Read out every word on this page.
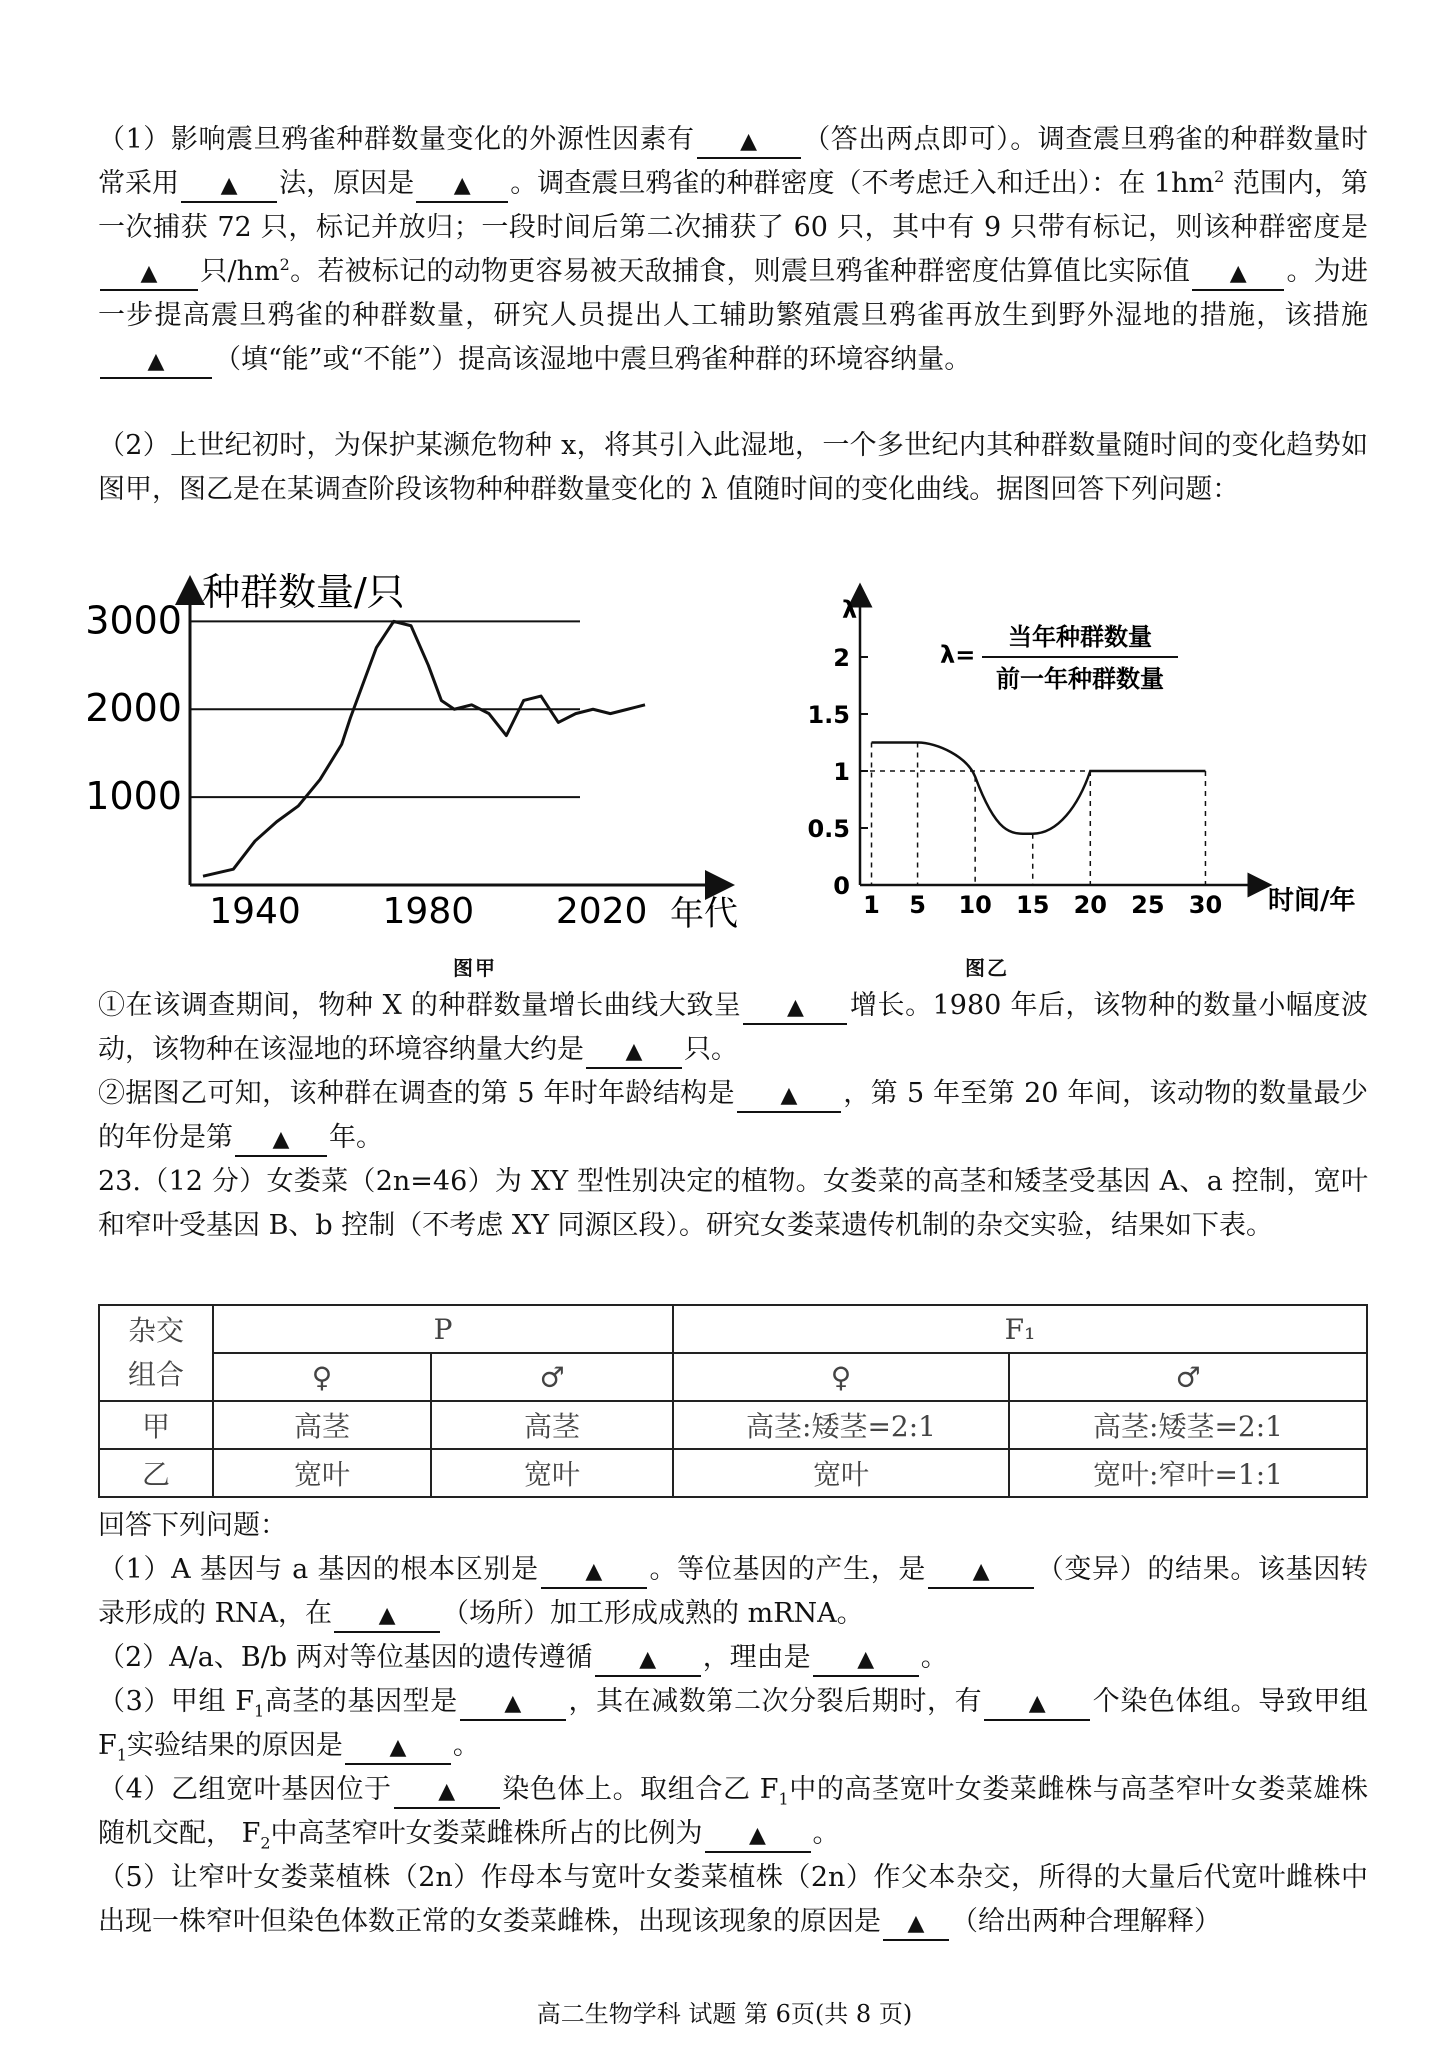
（1）影响震旦鸦雀种群数量变化的外源性因素有 ▲	（答出两点即可）。调查震旦鸦雀的种群数量时常采用 ▲	法，原因是 ▲	。调查震旦鸦雀的种群密度（不考虑迁入和迁出）：在 $1hm^2$ 范围内，第一次捕获 72 只，标记并放归；一段时间后第二次捕获了 60 只，其中有 9 只带有标记，则该种群密度是▲只$/hm^2$。若被标记的动物更容易被天敌捕食，则震旦鸦雀种群密度估算值比实际值 ▲	。为进一步提高震旦鸦雀的种群数量，研究人员提出人工辅助繁殖震旦鸦雀再放生到野外湿地的措施，该措施▲（填“能”或“不能”）提高该湿地中震旦鸦雀种群的环境容纳量。
（2）上世纪初时，为保护某濒危物种 x，将其引入此湿地，一个多世纪内其种群数量随时间的变化趋势如图甲，图乙是在某调查阶段该物种种群数量变化的 λ 值随时间的变化曲线。据图回答下列问题：
1000
2000
3000
1940 1980 2020 年代
种群数量/只
图甲
λ
时间/年
0
0.5
1
1.5
2
1 5 10 15 20 25 30
λ=
当年种群数量
前一年种群数量
图乙
①在该调查期间，物种 X 的种群数量增长曲线大致呈 ▲	增长。1980 年后，该物种的数量小幅度波动，该物种在该湿地的环境容纳量大约是 ▲	只。
②据图乙可知，该种群在调查的第 5 年时年龄结构是 ▲	，第 5 年至第 20 年间，该动物的数量最少的年份是第 ▲	年。
23.（12 分）女娄菜（2n=46）为 XY 型性别决定的植物。女娄菜的高茎和矮茎受基因 A、a 控制，宽叶和窄叶受基因 B、b 控制（不考虑 XY 同源区段）。研究女娄菜遗传机制的杂交实验，结果如下表。
杂交
组合	P		F₁	
	♀	♂	♀	♂
甲	高茎	高茎	高茎:矮茎=2:1	高茎:矮茎=2:1
乙	宽叶	宽叶	宽叶	宽叶:窄叶=1:1
回答下列问题：
（1）A 基因与 a 基因的根本区别是 ▲	。等位基因的产生，是 ▲	（变异）的结果。该基因转录形成的 RNA，在 ▲	（场所）加工形成成熟的 mRNA。
（2）A/a、B/b 两对等位基因的遗传遵循 ▲	，理由是 ▲	。
（3）甲组 $F_1$高茎的基因型是 ▲	，其在减数第二次分裂后期时，有 ▲	个染色体组。导致甲组 $F_1$实验结果的原因是 ▲	。
（4）乙组宽叶基因位于 ▲	染色体上。取组合乙 $F_1$中的高茎宽叶女娄菜雌株与高茎窄叶女娄菜雄株随机交配， $F_2$中高茎窄叶女娄菜雌株所占的比例为 ▲	。
（5）让窄叶女娄菜植株（2n）作母本与宽叶女娄菜植株（2n）作父本杂交，所得的大量后代宽叶雌株中出现一株窄叶但染色体数正常的女娄菜雌株，出现该现象的原因是 ▲	（给出两种合理解释）
高二生物学科 试题 第 6页(共 8 页)
